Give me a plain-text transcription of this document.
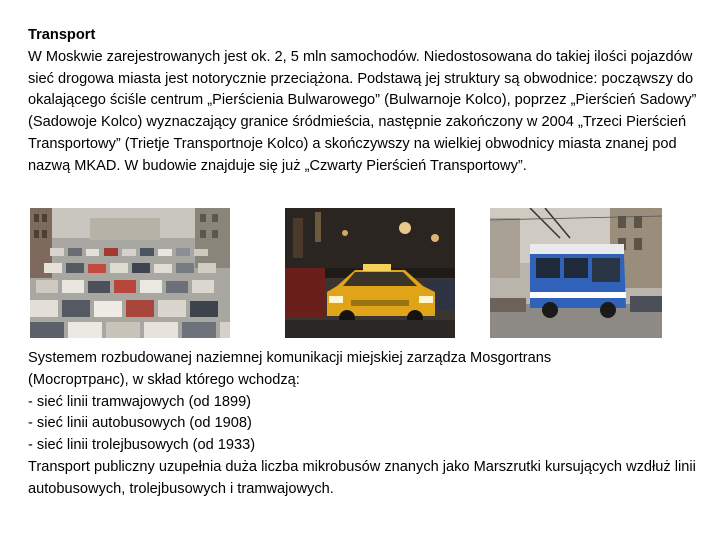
Transport
W Moskwie zarejestrowanych jest ok. 2, 5 mln samochodów. Niedostosowana do takiej ilości pojazdów sieć drogowa miasta jest notorycznie przeciążona. Podstawą jej struktury są obwodnice: począwszy do okalającego ściśle centrum „Pierścienia Bulwarowego” (Bulwarnoje Kolco), poprzez „Pierścień Sadowy” (Sadowoje Kolco) wyznaczający granice śródmieścia, następnie zakończony w 2004 „Trzeci Pierścień Transportowy” (Trietje Transportnoje Kolco) a skończywszy na wielkiej obwodnicy miasta znanej pod nazwą MKAD. W budowie znajduje się już „Czwarty Pierścień Transportowy”.
Systemem rozbudowanej naziemnej komunikacji miejskiej zarządza Mosgortrans
(Мосгортранс), w skład którego wchodzą:
- sieć linii tramwajowych (od 1899)
- sieć linii autobusowych (od 1908)
- sieć linii trolejbusowych (od 1933)
Transport publiczny uzupełnia duża liczba mikrobusów znanych jako Marszrutki kursujących wzdłuż linii autobusowych, trolejbusowych i tramwajowych.
